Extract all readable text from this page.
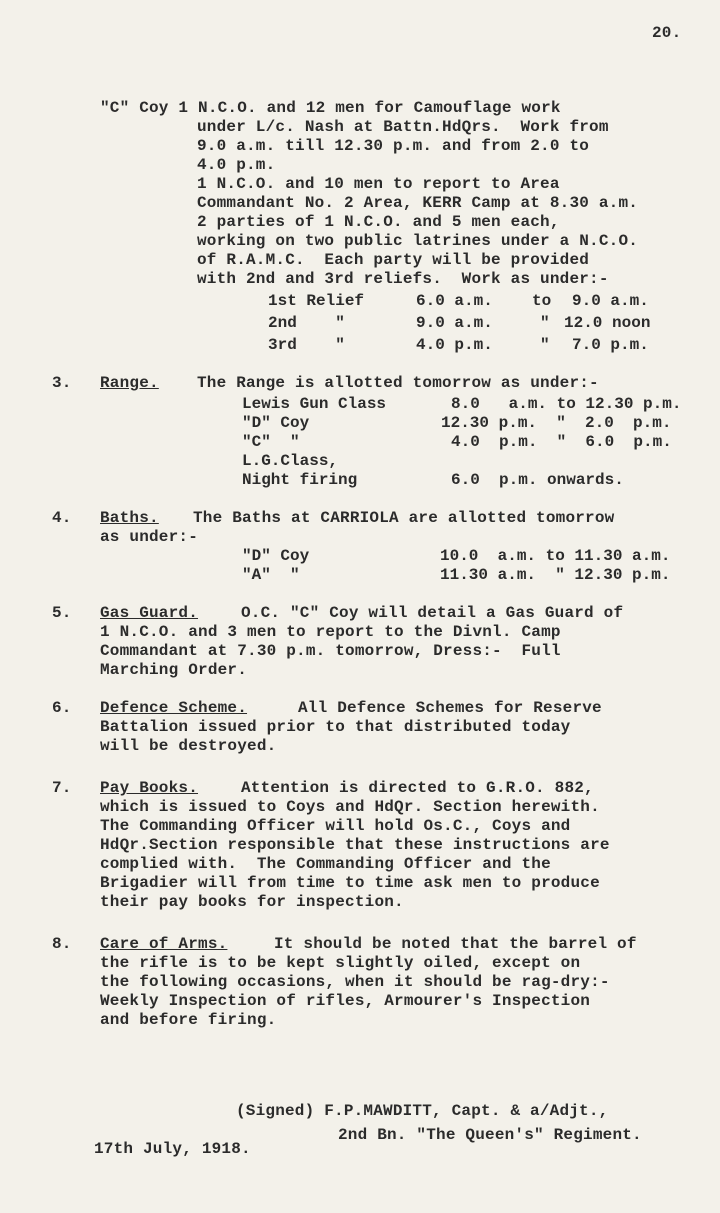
20.
"C" Coy 1 N.C.O. and 12 men for Camouflage work
under L/c. Nash at Battn.HdQrs.  Work from
9.0 a.m. till 12.30 p.m. and from 2.0 to
4.0 p.m.
1 N.C.O. and 10 men to report to Area
Commandant No. 2 Area, KERR Camp at 8.30 a.m.
2 parties of 1 N.C.O. and 5 men each,
working on two public latrines under a N.C.O.
of R.A.M.C.  Each party will be provided
with 2nd and 3rd reliefs.  Work as under:-
1st Relief	6.0 a.m. to 9.0 a.m.
2nd    "	9.0 a.m.	" 12.0 noon
3rd    "	4.0 p.m.	" 7.0 p.m.
3. Range. The Range is allotted tomorrow as under:-
Lewis Gun Class	8.0   a.m. to 12.30 p.m.
"D" Coy	12.30 p.m.  "  2.0  p.m.
"C"  "	4.0  p.m.  "  6.0  p.m.
L.G.Class,
Night firing	6.0  p.m. onwards.
4. Baths. The Baths at CARRIOLA are allotted tomorrow
as under:-
"D" Coy	10.0  a.m. to 11.30 a.m.
"A"  "	11.30 a.m.  " 12.30 p.m.
5. Gas Guard.	O.C. "C" Coy will detail a Gas Guard of
1 N.C.O. and 3 men to report to the Divnl. Camp
Commandant at 7.30 p.m. tomorrow, Dress:-  Full
Marching Order.
6. Defence Scheme.	All Defence Schemes for Reserve
Battalion issued prior to that distributed today
will be destroyed.
7. Pay Books.	Attention is directed to G.R.O. 882,
which is issued to Coys and HdQr. Section herewith.
The Commanding Officer will hold Os.C., Coys and
HdQr.Section responsible that these instructions are
complied with.  The Commanding Officer and the
Brigadier will from time to time ask men to produce
their pay books for inspection.
8. Care of Arms.	It should be noted that the barrel of
the rifle is to be kept slightly oiled, except on
the following occasions, when it should be rag-dry:-
Weekly Inspection of rifles, Armourer's Inspection
and before firing.
(Signed) F.P.MAWDITT, Capt. & a/Adjt.,
2nd Bn. "The Queen's" Regiment.
17th July, 1918.
